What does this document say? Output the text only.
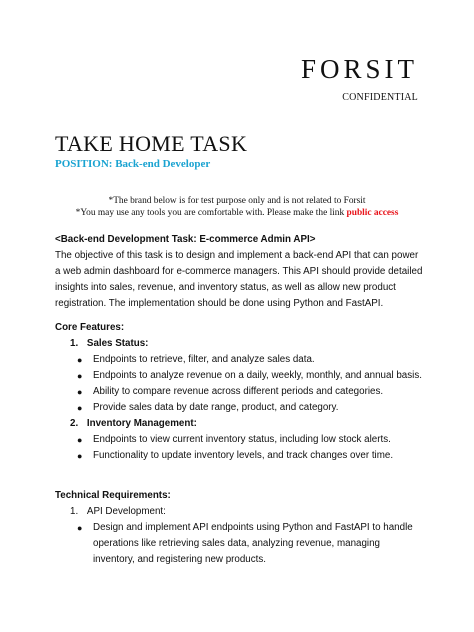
FORSIT
CONFIDENTIAL
TAKE HOME TASK
POSITION: Back-end Developer
*The brand below is for test purpose only and is not related to Forsit
*You may use any tools you are comfortable with. Please make the link public access
<Back-end Development Task: E-commerce Admin API>
The objective of this task is to design and implement a back-end API that can power a web admin dashboard for e-commerce managers. This API should provide detailed insights into sales, revenue, and inventory status, as well as allow new product registration. The implementation should be done using Python and FastAPI.
Core Features:
1. Sales Status:
● Endpoints to retrieve, filter, and analyze sales data.
● Endpoints to analyze revenue on a daily, weekly, monthly, and annual basis.
● Ability to compare revenue across different periods and categories.
● Provide sales data by date range, product, and category.
2. Inventory Management:
● Endpoints to view current inventory status, including low stock alerts.
● Functionality to update inventory levels, and track changes over time.
Technical Requirements:
1. API Development:
● Design and implement API endpoints using Python and FastAPI to handle operations like retrieving sales data, analyzing revenue, managing inventory, and registering new products.
